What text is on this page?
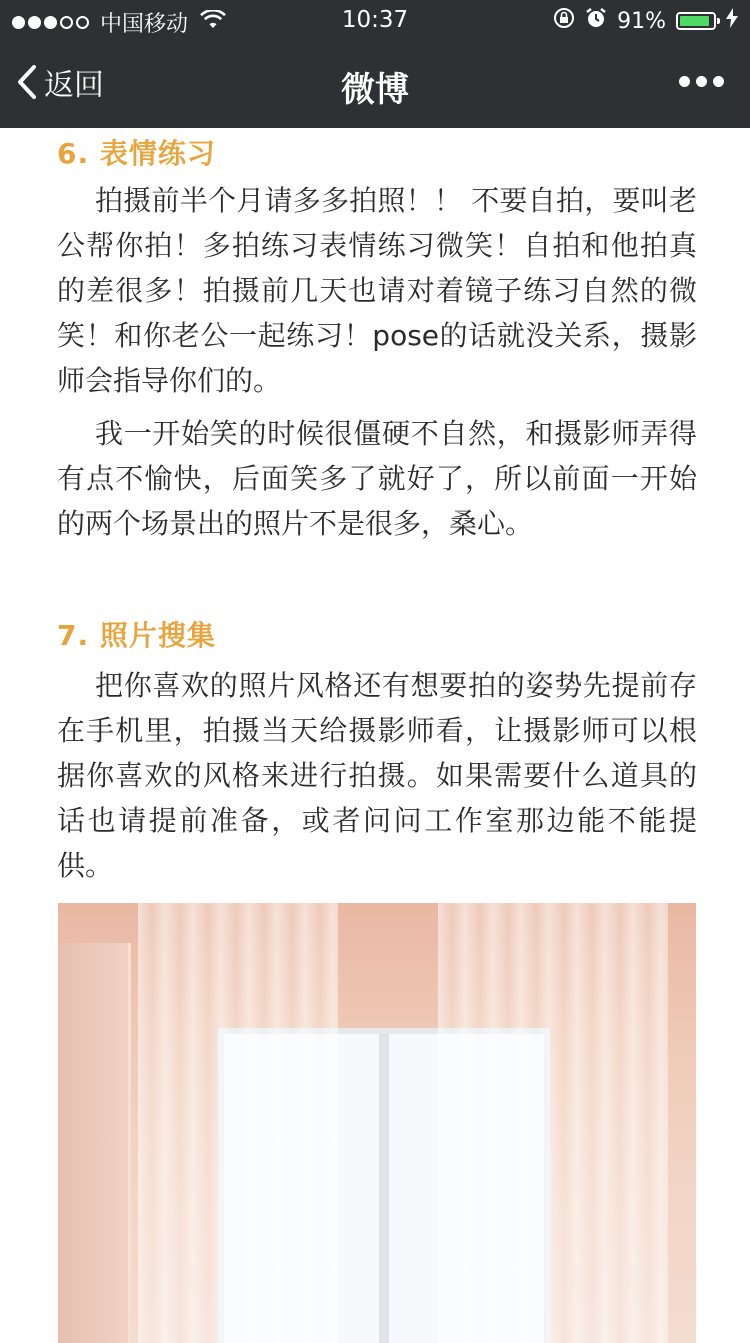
中国移动	10:37	91%
返回	微博
6. 表情练习
拍摄前半个月请多多拍照！！ 不要自拍，要叫老公帮你拍！多拍练习表情练习微笑！自拍和他拍真的差很多！拍摄前几天也请对着镜子练习自然的微笑！和你老公一起练习！pose的话就没关系，摄影师会指导你们的。
我一开始笑的时候很僵硬不自然，和摄影师弄得有点不愉快，后面笑多了就好了，所以前面一开始的两个场景出的照片不是很多，桑心。
7. 照片搜集
把你喜欢的照片风格还有想要拍的姿势先提前存在手机里，拍摄当天给摄影师看，让摄影师可以根据你喜欢的风格来进行拍摄。如果需要什么道具的话也请提前准备，或者问问工作室那边能不能提供。
